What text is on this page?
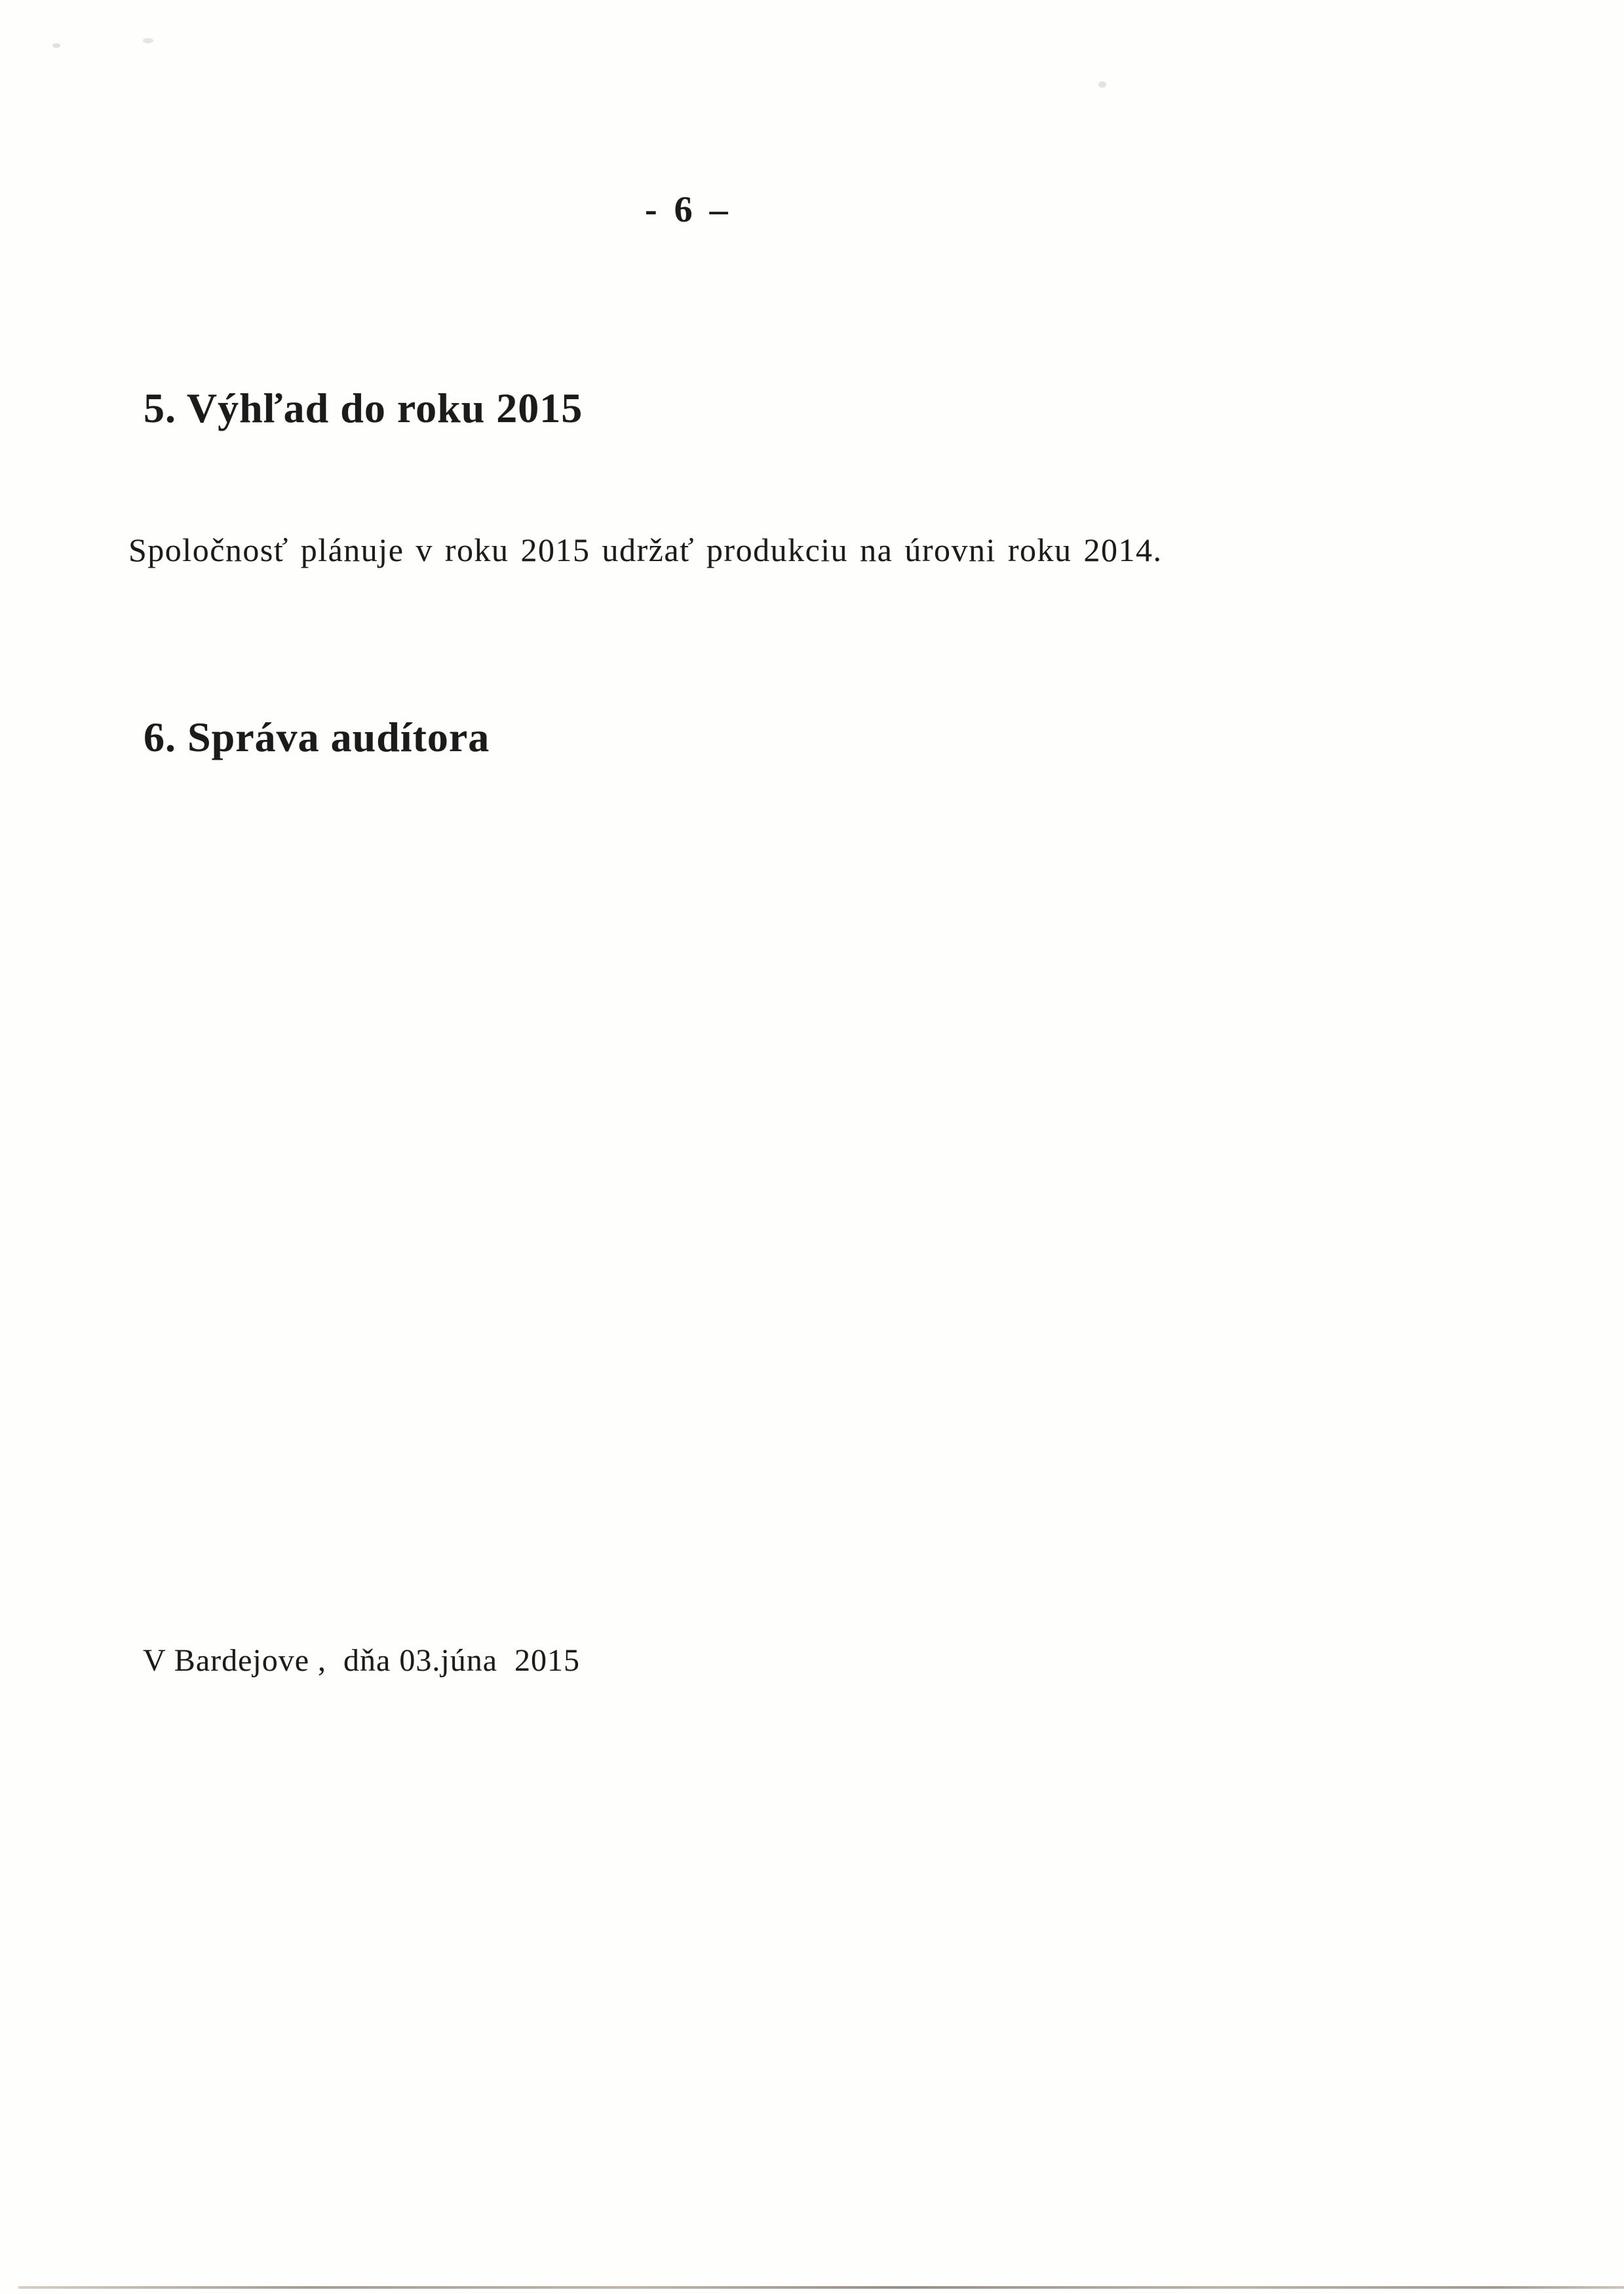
- 6 –
5. Výhľad do roku 2015

Spoločnosť plánuje v roku 2015 udržať produkciu na úrovni roku 2014.

6. Správa audítora
V Bardejove ,  dňa 03.júna  2015
